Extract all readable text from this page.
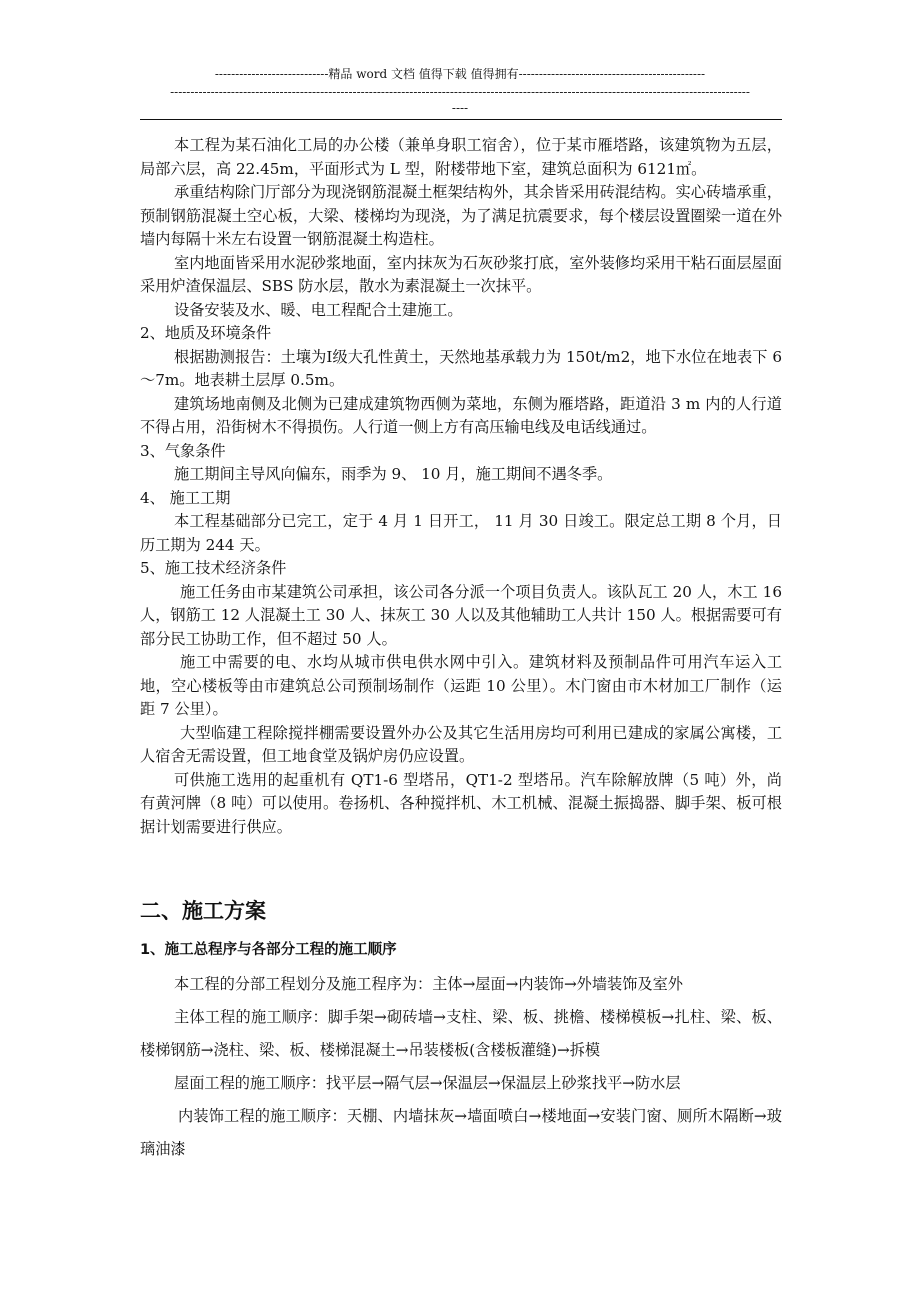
----------------------------精品 word 文档 值得下载 值得拥有----------------------------------------------
-----------------------------------------------------------------------------------------------------------------------------------------------
----

本工程为某石油化工局的办公楼（兼单身职工宿舍），位于某市雁塔路，该建筑物为五层，局部六层，高 22.45m，平面形式为 L 型，附楼带地下室，建筑总面积为 6121㎡。

承重结构除门厅部分为现浇钢筋混凝土框架结构外，其余皆采用砖混结构。实心砖墙承重，预制钢筋混凝土空心板，大梁、楼梯均为现浇，为了满足抗震要求，每个楼层设置圈梁一道在外墙内每隔十米左右设置一钢筋混凝土构造柱。

室内地面皆采用水泥砂浆地面，室内抹灰为石灰砂浆打底，室外装修均采用干粘石面层屋面采用炉渣保温层、SBS 防水层，散水为素混凝土一次抹平。

设备安装及水、暖、电工程配合土建施工。

2、地质及环境条件

根据勘测报告：土壤为Ⅰ级大孔性黄土，天然地基承载力为 150t/m2，地下水位在地表下 6～7m。地表耕土层厚 0.5m。

建筑场地南侧及北侧为已建成建筑物西侧为菜地，东侧为雁塔路，距道沿 3 m 内的人行道不得占用，沿街树木不得损伤。人行道一侧上方有高压输电线及电话线通过。

3、气象条件

施工期间主导风向偏东，雨季为 9、 10 月，施工期间不遇冬季。

4、 施工工期

本工程基础部分已完工，定于 4 月 1 日开工， 11 月 30 日竣工。限定总工期 8 个月，日历工期为 244 天。

5、施工技术经济条件

施工任务由市某建筑公司承担，该公司各分派一个项目负责人。该队瓦工 20 人，木工 16 人，钢筋工 12 人混凝土工 30 人、抹灰工 30 人以及其他辅助工人共计 150 人。根据需要可有部分民工协助工作，但不超过 50 人。

施工中需要的电、水均从城市供电供水网中引入。建筑材料及预制品件可用汽车运入工地，空心楼板等由市建筑总公司预制场制作（运距 10 公里）。木门窗由市木材加工厂制作（运距 7 公里）。

大型临建工程除搅拌棚需要设置外办公及其它生活用房均可利用已建成的家属公寓楼，工人宿舍无需设置，但工地食堂及锅炉房仍应设置。

可供施工选用的起重机有 QT1-6 型塔吊，QT1-2 型塔吊。汽车除解放牌（5 吨）外，尚有黄河牌（8 吨）可以使用。卷扬机、各种搅拌机、木工机械、混凝土振捣器、脚手架、板可根据计划需要进行供应。

二、施工方案
1、施工总程序与各部分工程的施工顺序

本工程的分部工程划分及施工程序为：主体→屋面→内装饰→外墙装饰及室外

主体工程的施工顺序：脚手架→砌砖墙→支柱、梁、板、挑檐、楼梯模板→扎柱、梁、板、楼梯钢筋→浇柱、梁、板、楼梯混凝土→吊装楼板(含楼板灌缝)→拆模

屋面工程的施工顺序：找平层→隔气层→保温层→保温层上砂浆找平→防水层

内装饰工程的施工顺序：天棚、内墙抹灰→墙面喷白→楼地面→安装门窗、厕所木隔断→玻璃油漆
